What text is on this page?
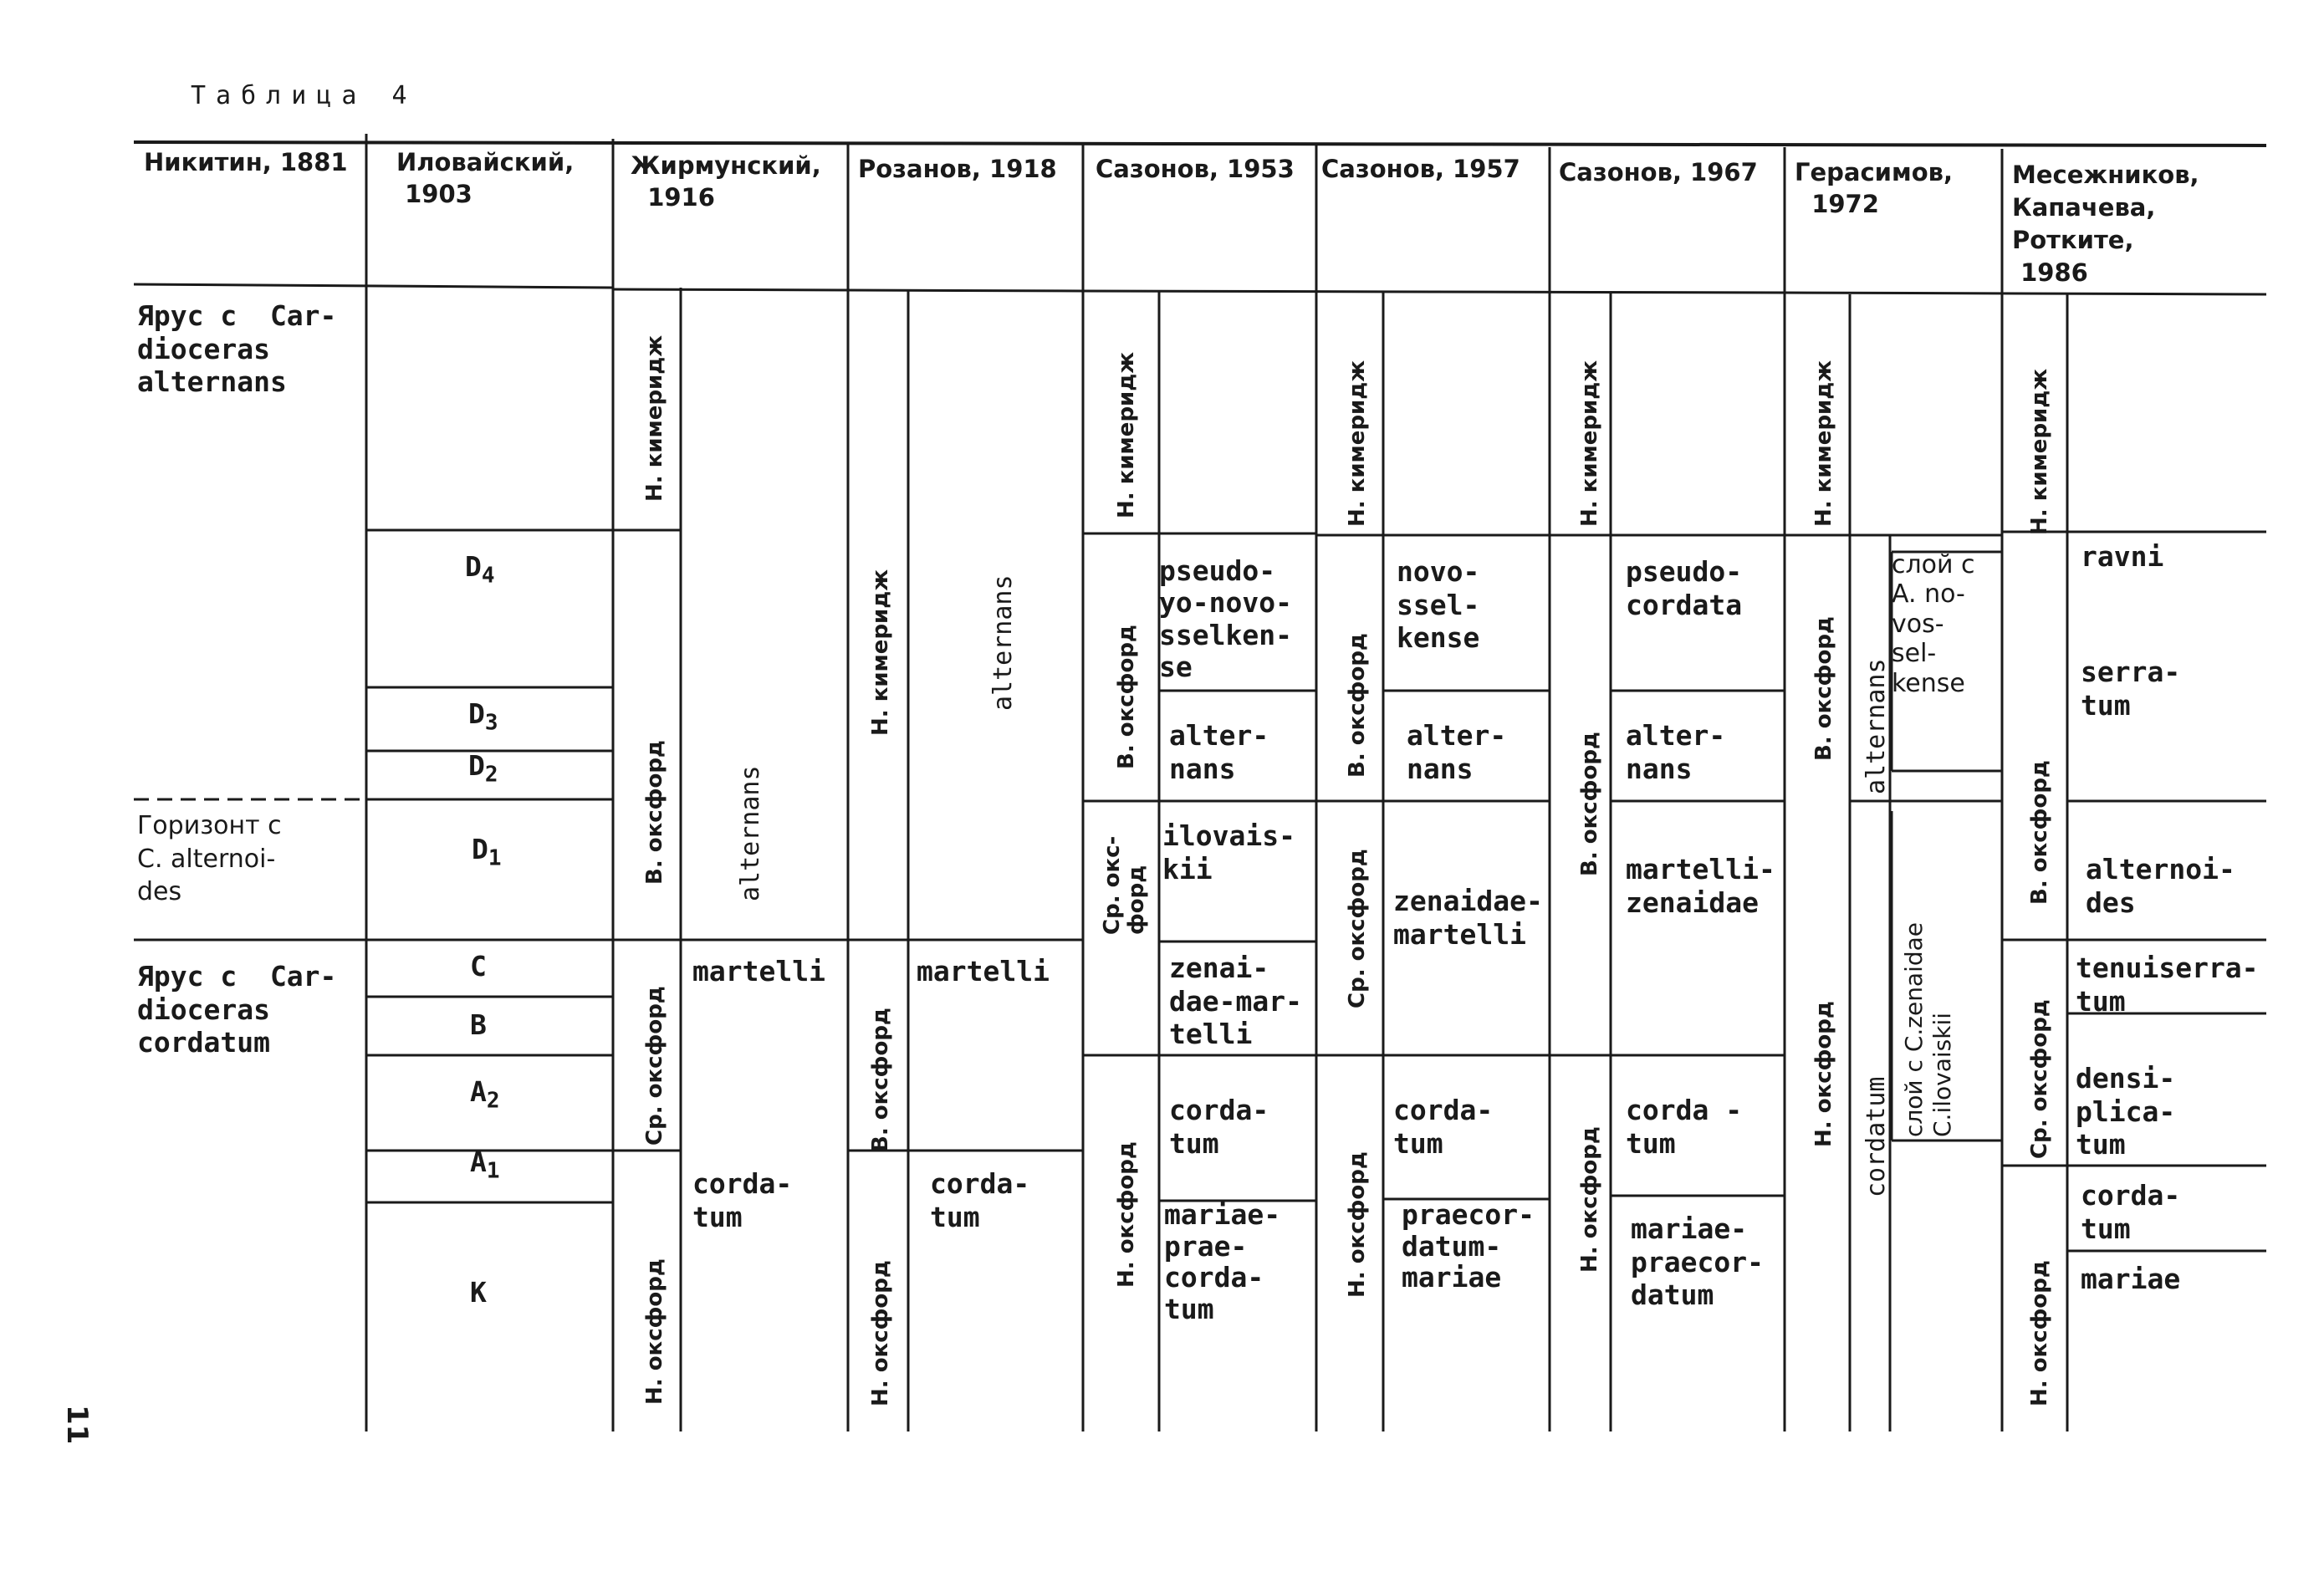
Таблица 4
Никитин, 1881 Иловайский,
1903
Жирмунский,
1916
Розанов, 1918 Сазонов, 1953 Сазонов, 1957 Сазонов, 1967 Герасимов,
1972
Месежников,
Капачева,
Ротките,
1986
Ярус с  Car-
dioceras
alternans
Горизонт с
C. alternoi-
des
Ярус с  Car-
dioceras
cordatum
$D_4$
$D_3$
$D_2$
$D_1$
C
B
$A_2$
$A_1$
K
Н. кимеридж
В. оксфорд
Ср. оксфорд
Н. оксфорд
alternans
martelli
corda-
tum
Н. кимеридж
В. оксфорд
Н. оксфорд
alternans
martelli
corda-
tum
Н. кимеридж
В. оксфорд
Ср. окс-
форд
Н. оксфорд
pseudo-
yo-novo-
sselken-
se
alter-
nans
ilovais-
kii
zenai-
dae-mar-
telli
corda-
tum
mariae-
prae-
corda-
tum
Н. кимеридж
В. оксфорд
Ср. оксфорд
Н. оксфорд
novo-
ssel-
kense
alter-
nans
zenaidae-
martelli
corda-
tum
praecor-
datum-
mariae
Н. кимеридж
В. оксфорд
Н. оксфорд
pseudo-
cordata
alter-
nans
martelli-
zenaidae
corda -
tum
mariae-
praecor-
datum
Н. кимеридж
В. оксфорд
Н. оксфорд
alternans
слой с
A. no-
vos-
sel-
kense
cordatum слой с C.zenaidae
C.ilovaiskii
Н. кимеридж
В. оксфорд
Ср. оксфорд
Н. оксфорд
ravni
serra-
tum
alternoi-
des
tenuiserra-
tum
densi-
plica-
tum
corda-
tum
mariae
11
